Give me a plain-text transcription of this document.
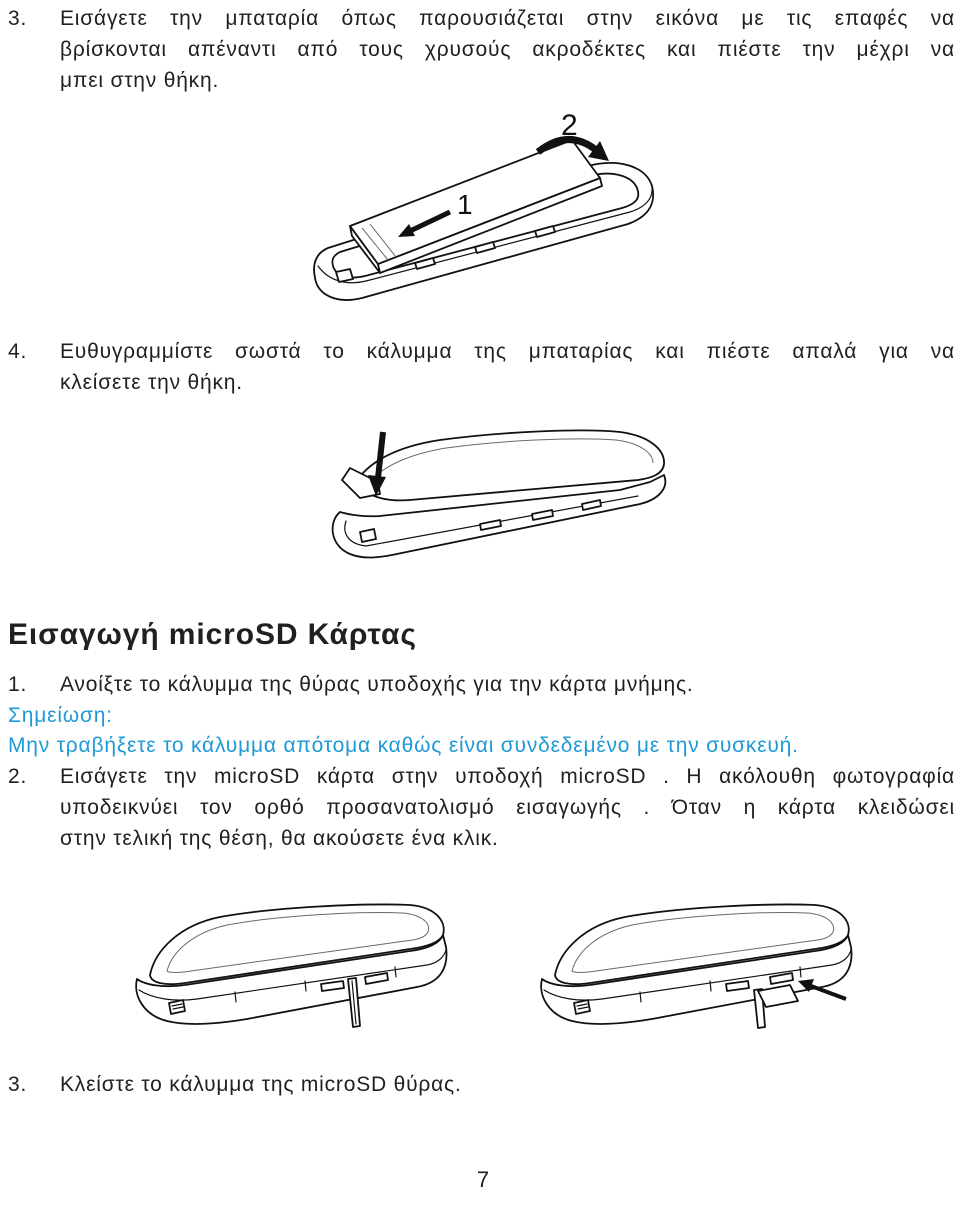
3. Εισάγετε την μπαταρία όπως παρουσιάζεται στην εικόνα με τις επαφές να
βρίσκονται απέναντι από τους χρυσούς ακροδέκτες και πιέστε την μέχρι να
μπει στην θήκη.
1
2
4. Ευθυγραμμίστε σωστά το κάλυμμα της μπαταρίας και πιέστε απαλά για να
κλείσετε την θήκη.
Εισαγωγή microSD Κάρτας
1. Ανοίξτε το κάλυμμα της θύρας υποδοχής για την κάρτα μνήμης.
Σημείωση:
Μην τραβήξετε το κάλυμμα απότομα καθώς είναι συνδεδεμένο με την συσκευή.
2. Εισάγετε την microSD κάρτα στην υποδοχή microSD . Η ακόλουθη φωτογραφία
υποδεικνύει τον ορθό προσανατολισμό εισαγωγής . Όταν η κάρτα κλειδώσει
στην τελική της θέση, θα ακούσετε ένα κλικ.
3. Κλείστε το κάλυμμα της microSD θύρας.
7
